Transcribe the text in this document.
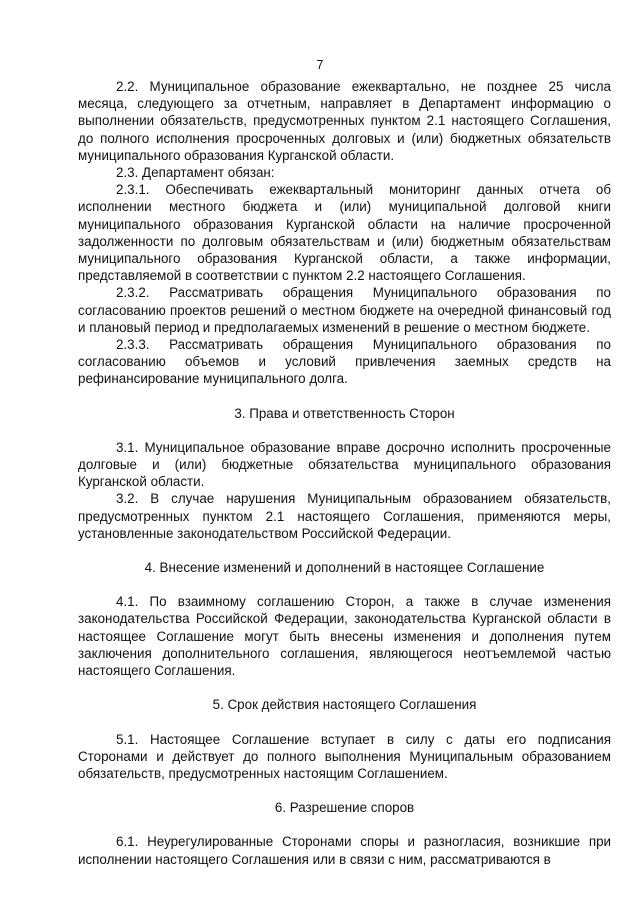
7

2.2. Муниципальное образование ежеквартально, не позднее 25 числа месяца, следующего за отчетным, направляет в Департамент информацию о выполнении обязательств, предусмотренных пунктом 2.1 настоящего Соглашения, до полного исполнения просроченных долговых и (или) бюджетных обязательств муниципального образования Курганской области.

2.3. Департамент обязан:

2.3.1. Обеспечивать ежеквартальный мониторинг данных отчета об исполнении местного бюджета и (или) муниципальной долговой книги муниципального образования Курганской области на наличие просроченной задолженности по долговым обязательствам и (или) бюджетным обязательствам муниципального образования Курганской области, а также информации, представляемой в соответствии с пунктом 2.2 настоящего Соглашения.

2.3.2. Рассматривать обращения Муниципального образования по согласованию проектов решений о местном бюджете на очередной финансовый год и плановый период и предполагаемых изменений в решение о местном бюджете.

2.3.3. Рассматривать обращения Муниципального образования по согласованию объемов и условий привлечения заемных средств на рефинансирование муниципального долга.

3. Права и ответственность Сторон

3.1. Муниципальное образование вправе досрочно исполнить просроченные долговые и (или) бюджетные обязательства муниципального образования Курганской области.

3.2. В случае нарушения Муниципальным образованием обязательств, предусмотренных пунктом 2.1 настоящего Соглашения, применяются меры, установленные законодательством Российской Федерации.

4. Внесение изменений и дополнений в настоящее Соглашение

4.1. По взаимному соглашению Сторон, а также в случае изменения законодательства Российской Федерации, законодательства Курганской области в настоящее Соглашение могут быть внесены изменения и дополнения путем заключения дополнительного соглашения, являющегося неотъемлемой частью настоящего Соглашения.

5. Срок действия настоящего Соглашения

5.1. Настоящее Соглашение вступает в силу с даты его подписания Сторонами и действует до полного выполнения Муниципальным образованием обязательств, предусмотренных настоящим Соглашением.

6. Разрешение споров

6.1. Неурегулированные Сторонами споры и разногласия, возникшие при исполнении настоящего Соглашения или в связи с ним, рассматриваются в
